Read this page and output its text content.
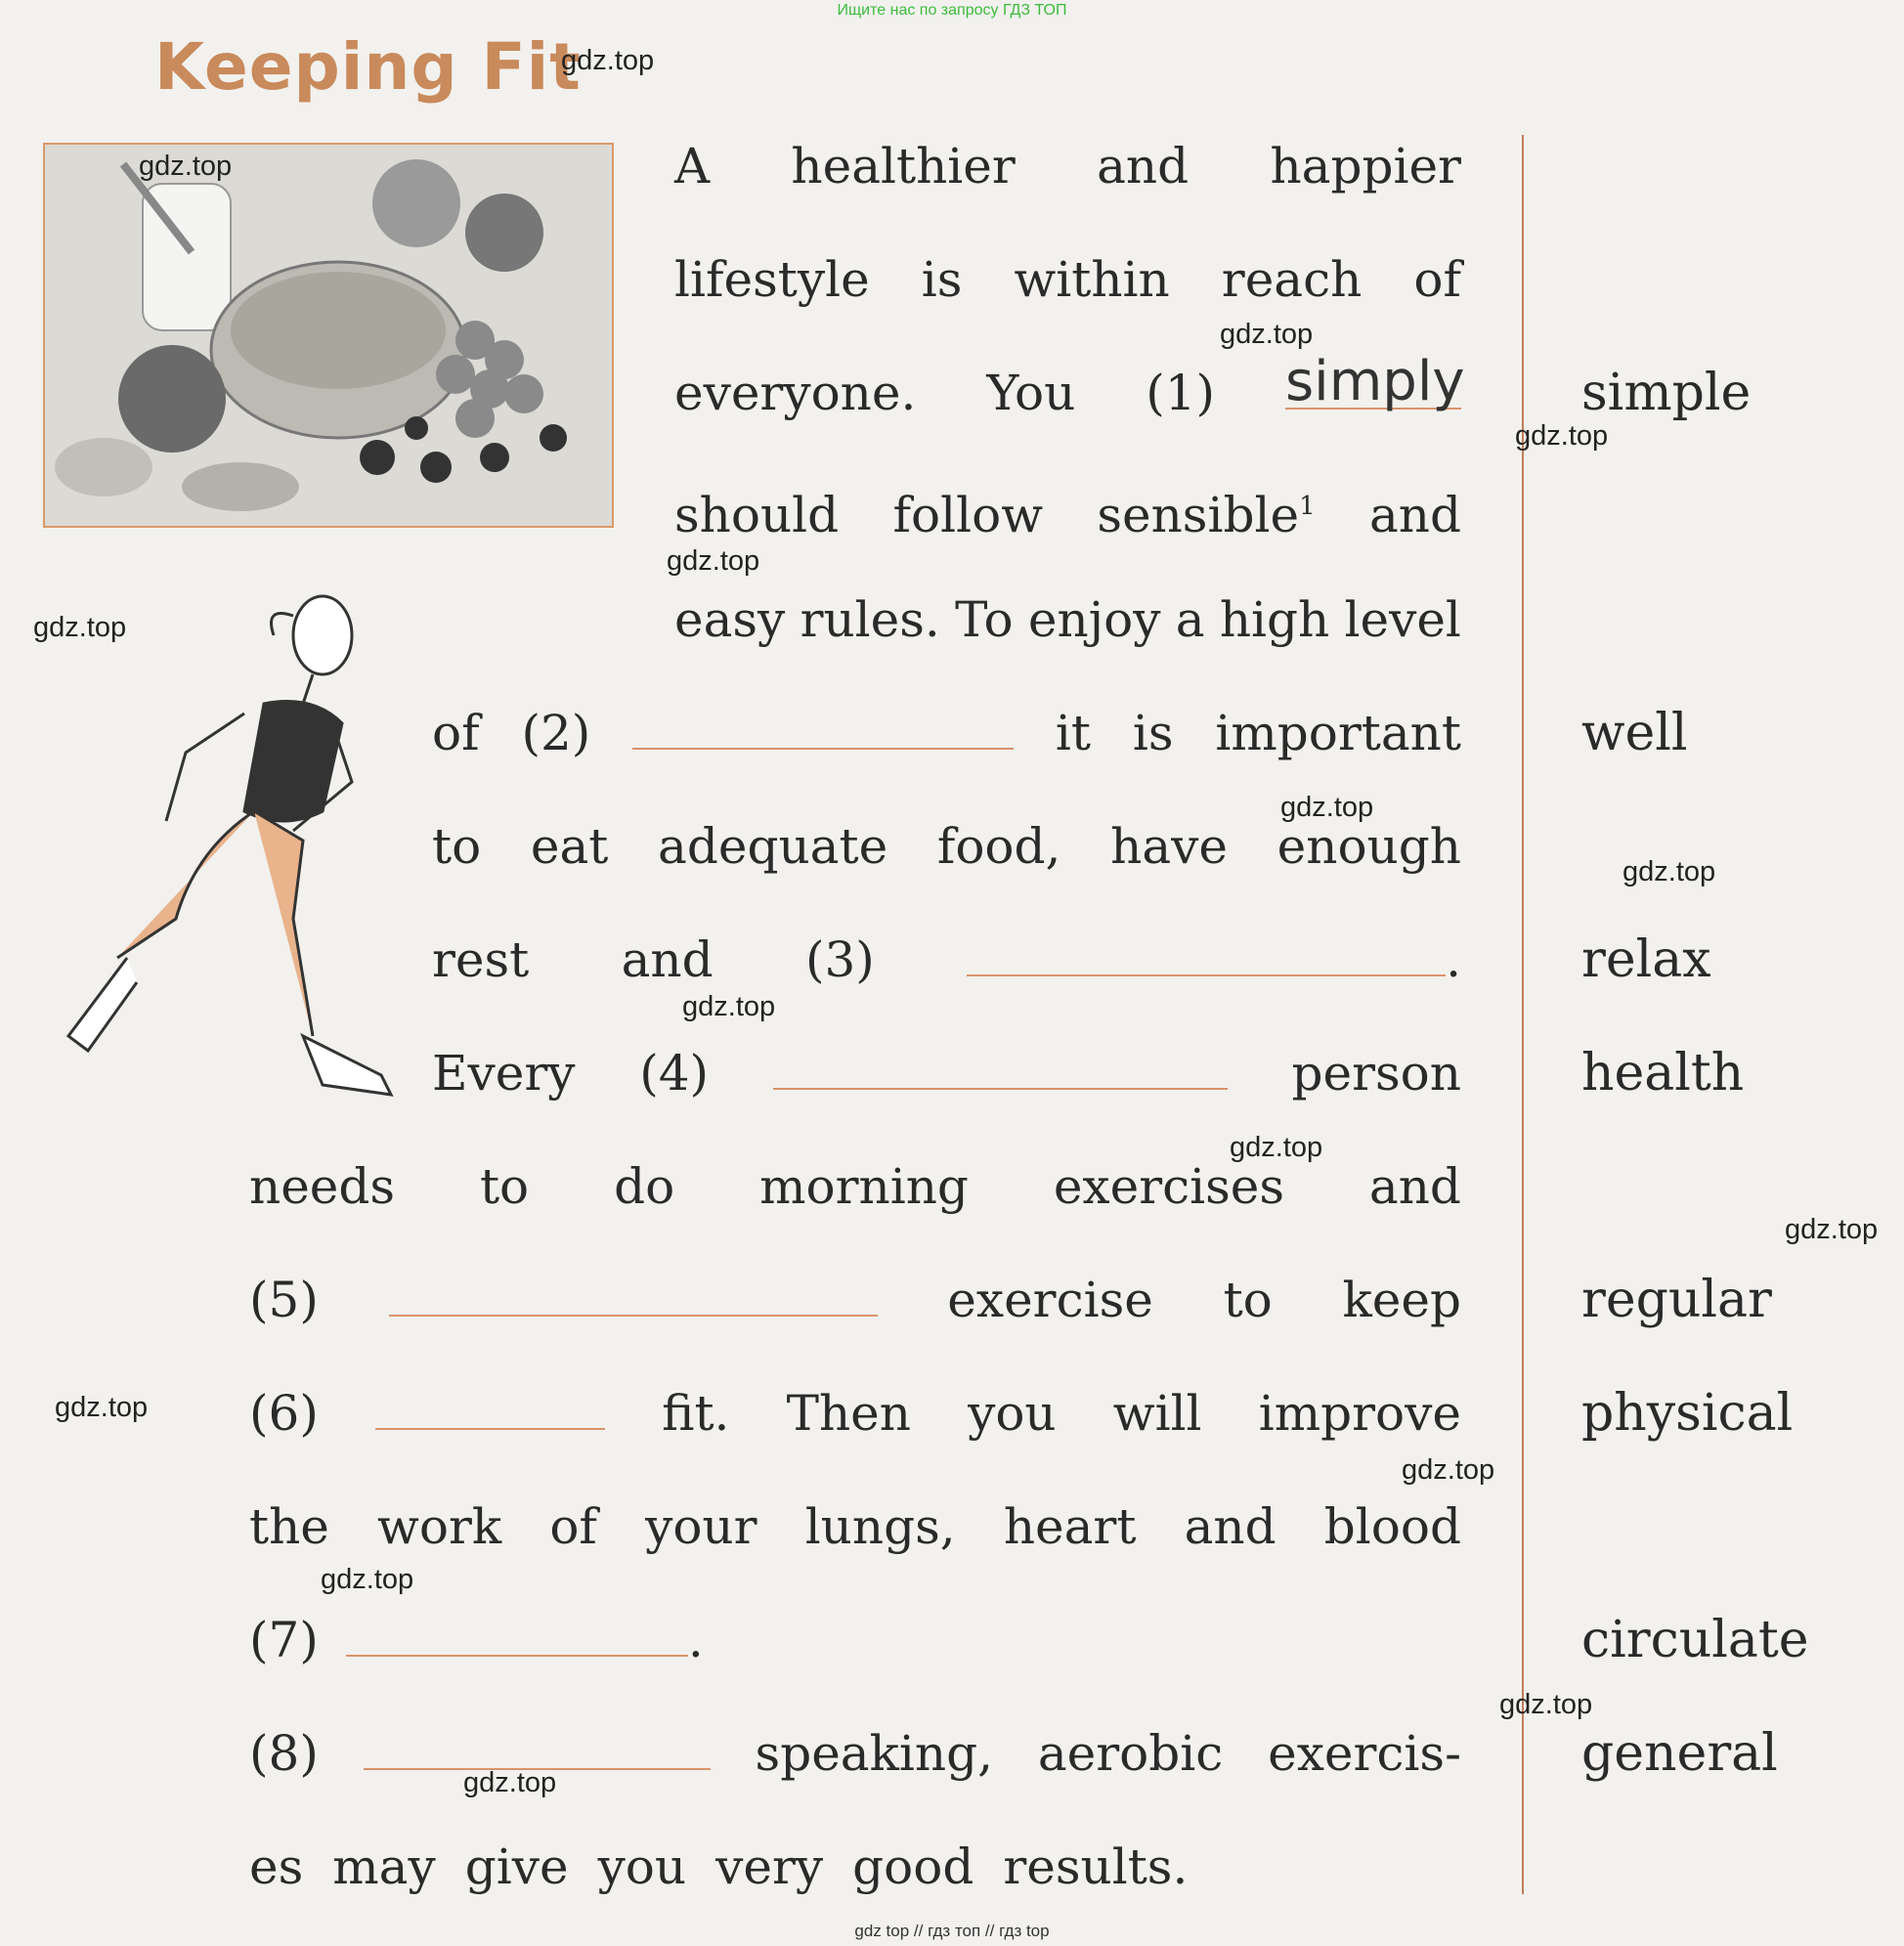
Ищите нас по запросу ГДЗ ТОП
Keeping Fit
A healthier and happier
lifestyle is within reach of
everyone. You (1) simply
should follow sensible1 and
easy rules. To enjoy a high level
of (2)	it is important
to eat adequate food, have enough
rest and (3)	.
Every (4)	person
needs to do morning exercises and
(5)	exercise to keep
(6)	fit. Then you will improve
the work of your lungs, heart and blood
(7)	.
(8)	speaking, aerobic exercis-
es may give you very good results.
simple
well
relax
health
regular
physical
circulate
general
gdz.top
gdz.top
gdz.top
gdz.top
gdz.top
gdz.top
gdz.top
gdz.top
gdz.top
gdz.top
gdz.top
gdz.top
gdz.top
gdz.top
gdz.top
gdz.top
gdz top // гдз топ // гдз top
